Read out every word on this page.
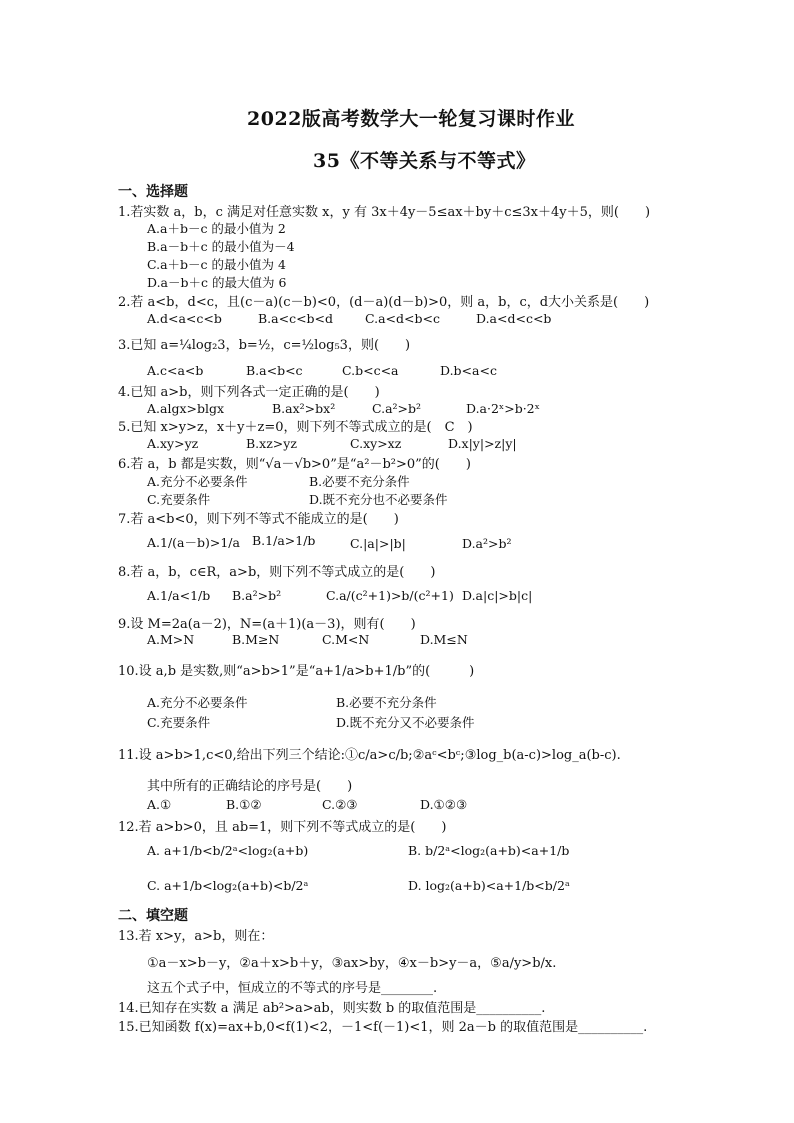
2022版高考数学大一轮复习课时作业
35《不等关系与不等式》
一、选择题
1.若实数 a，b，c 满足对任意实数 x，y 有 3x＋4y－5≤ax＋by＋c≤3x＋4y＋5，则(　　)
A.a＋b－c 的最小值为 2
B.a－b＋c 的最小值为－4
C.a＋b－c 的最小值为 4
D.a－b＋c 的最大值为 6
2.若 a<b，d<c，且(c－a)(c－b)<0，(d－a)(d－b)>0，则 a，b，c，d大小关系是(　　)
A.d<a<c<b	B.a<c<b<d	C.a<d<b<c	D.a<d<c<b
3.已知 a=¼log₂3，b=½，c=½log₅3，则(　　)
A.c<a<b	B.a<b<c	C.b<c<a	D.b<a<c
4.已知 a>b，则下列各式一定正确的是(　　)
A.algx>blgx	B.ax²>bx²	C.a²>b²	D.a·2ˣ>b·2ˣ
5.已知 x>y>z，x＋y＋z=0，则下列不等式成立的是(　C　)
A.xy>yz	B.xz>yz	C.xy>xz	D.x|y|>z|y|
6.若 a，b 都是实数，则“√a－√b>0”是“a²－b²>0”的(　　)
A.充分不必要条件	B.必要不充分条件
C.充要条件	D.既不充分也不必要条件
7.若 a<b<0，则下列不等式不能成立的是(　　)
A.1/(a－b)>1/a B.1/a>1/b	C.|a|>|b|	D.a²>b²
8.若 a，b，c∈R，a>b，则下列不等式成立的是(　　)
A.1/a<1/b B.a²>b²	C.a/(c²+1)>b/(c²+1) D.a|c|>b|c|
9.设 M=2a(a－2)，N=(a＋1)(a－3)，则有(　　)
A.M>N	B.M≥N	C.M<N	D.M≤N
10.设 a,b 是实数,则“a>b>1”是“a+1/a>b+1/b”的(　　　)
A.充分不必要条件	B.必要不充分条件
C.充要条件	D.既不充分又不必要条件
11.设 a>b>1,c<0,给出下列三个结论:①c/a>c/b;②aᶜ<bᶜ;③log_b(a-c)>log_a(b-c).
其中所有的正确结论的序号是(　　)
A.①	B.①②	C.②③	D.①②③
12.若 a>b>0，且 ab=1，则下列不等式成立的是(　　)
A. a+1/b<b/2ᵃ<log₂(a+b)	B. b/2ᵃ<log₂(a+b)<a+1/b
C. a+1/b<log₂(a+b)<b/2ᵃ	D. log₂(a+b)<a+1/b<b/2ᵃ
二、填空题
13.若 x>y，a>b，则在：
①a－x>b－y，②a＋x>b＋y，③ax>by，④x－b>y－a，⑤a/y>b/x.
这五个式子中，恒成立的不等式的序号是________.
14.已知存在实数 a 满足 ab²>a>ab，则实数 b 的取值范围是__________.
15.已知函数 f(x)=ax+b,0<f(1)<2，－1<f(－1)<1，则 2a－b 的取值范围是__________.
